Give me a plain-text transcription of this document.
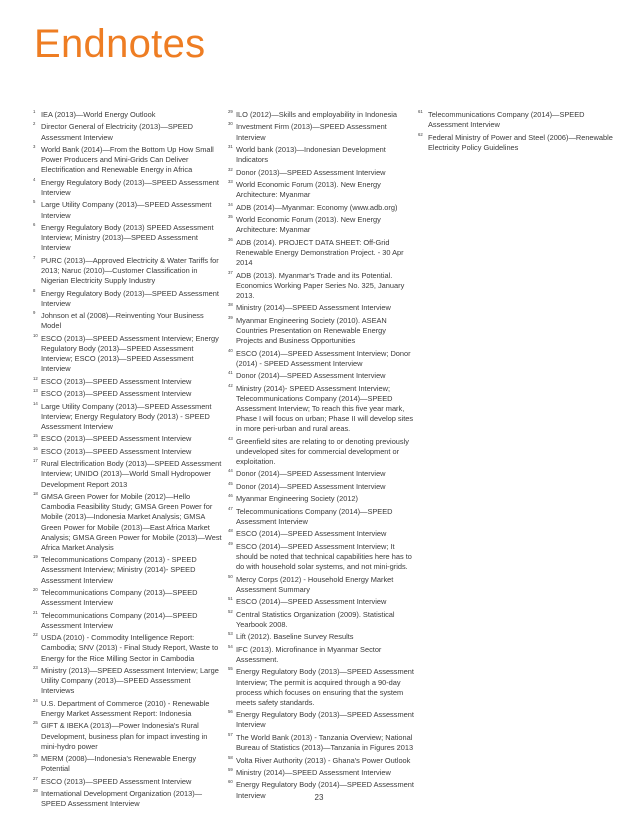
Endnotes

1 IEA (2013)—World Energy Outlook

2 Director General of Electricity (2013)—SPEED Assessment Interview

3 World Bank (2014)—From the Bottom Up How Small Power Producers and Mini-Grids Can Deliver Electrification and Renewable Energy in Africa

4 Energy Regulatory Body (2013)—SPEED Assessment Interview

5 Large Utility Company (2013)—SPEED Assessment Interview

6 Energy Regulatory Body (2013) SPEED Assessment Interview; Ministry (2013)—SPEED Assessment Interview

7 PURC (2013)—Approved Electricity & Water Tariffs for 2013; Naruc (2010)—Customer Classification in Nigerian Electricity Supply Industry

8 Energy Regulatory Body (2013)—SPEED Assessment Interview

9 Johnson et al (2008)—Reinventing Your Business Model

10 ESCO (2013)—SPEED Assessment Interview; Energy Regulatory Body (2013)—SPEED Assessment Interview; ESCO (2013)—SPEED Assessment Interview

12 ESCO (2013)—SPEED Assessment Interview

13 ESCO (2013)—SPEED Assessment Interview

14 Large Utility Company (2013)—SPEED Assessment Interview; Energy Regulatory Body (2013) - SPEED Assessment Interview

15 ESCO (2013)—SPEED Assessment Interview

16 ESCO (2013)—SPEED Assessment Interview

17 Rural Electrification Body (2013)—SPEED Assessment Interview; UNIDO (2013)—World Small Hydropower Development Report 2013

18 GMSA Green Power for Mobile (2012)—Hello Cambodia Feasibility Study; GMSA Green Power for Mobile (2013)—Indonesia Market Analysis; GMSA Green Power for Mobile (2013)—East Africa Market Analysis; GMSA Green Power for Mobile (2013)—West Africa Market Analysis

19 Telecommunications Company (2013) - SPEED Assessment Interview; Ministry (2014)- SPEED Assessment Interview

20 Telecommunications Company (2013)—SPEED Assessment Interview

21 Telecommunications Company (2014)—SPEED Assessment Interview

22 USDA (2010) - Commodity Intelligence Report: Cambodia; SNV (2013) - Final Study Report, Waste to Energy for the Rice Milling Sector in Cambodia

23 Ministry (2013)—SPEED Assessment Interview; Large Utility Company (2013)—SPEED Assessment Interviews

24 U.S. Department of Commerce (2010) - Renewable Energy Market Assessment Report: Indonesia

25 GIFT & IBEKA (2013)—Power Indonesia's Rural Development, business plan for impact investing in mini-hydro power

26 MERM (2008)—Indonesia's Renewable Energy Potential

27 ESCO (2013)—SPEED Assessment Interview

28 International Development Organization (2013)—SPEED Assessment Interview

29 ILO (2012)—Skills and employability in Indonesia

30 Investment Firm (2013)—SPEED Assessment Interview

31 World bank (2013)—Indonesian Development Indicators

32 Donor (2013)—SPEED Assessment Interview

33 World Economic Forum (2013). New Energy Architecture: Myanmar

34 ADB (2014)—Myanmar: Economy (www.adb.org)

35 World Economic Forum (2013). New Energy Architecture: Myanmar

36 ADB (2014). PROJECT DATA SHEET: Off-Grid Renewable Energy Demonstration Project. - 30 Apr 2014

37 ADB (2013). Myanmar's Trade and its Potential. Economics Working Paper Series No. 325, January 2013.

38 Ministry (2014)—SPEED Assessment Interview

39 Myanmar Engineering Society (2010). ASEAN Countries Presentation on Renewable Energy Projects and Business Opportunities

40 ESCO (2014)—SPEED Assessment Interview; Donor (2014) - SPEED Assessment Interview

41 Donor (2014)—SPEED Assessment Interview

42 Ministry (2014)- SPEED Assessment Interview; Telecommunications Company (2014)—SPEED Assessment Interview; To reach this five year mark, Phase I will focus on urban; Phase II will develop sites in more peri-urban and rural areas.

43 Greenfield sites are relating to or denoting previously undeveloped sites for commercial development or exploitation.

44 Donor (2014)—SPEED Assessment Interview

45 Donor (2014)—SPEED Assessment Interview

46 Myanmar Engineering Society (2012)

47 Telecommunications Company (2014)—SPEED Assessment Interview

48 ESCO (2014)—SPEED Assessment Interview

49 ESCO (2014)—SPEED Assessment Interview; It should be noted that technical capabilities here has to do with household solar systems, and not mini-grids.

50 Mercy Corps (2012) - Household Energy Market Assessment Summary

51 ESCO (2014)—SPEED Assessment Interview

52 Central Statistics Organization (2009). Statistical Yearbook 2008.

53 Lift (2012). Baseline Survey Results

54 IFC (2013). Microfinance in Myanmar Sector Assessment.

55 Energy Regulatory Body (2013)—SPEED Assessment Interview; The permit is acquired through a 90-day process which focuses on ensuring that the system meets safety standards.

56 Energy Regulatory Body (2013)—SPEED Assessment Interview

57 The World Bank (2013) - Tanzania Overview; National Bureau of Statistics (2013)—Tanzania in Figures 2013

58 Volta River Authority (2013) - Ghana's Power Outlook

59 Ministry (2014)—SPEED Assessment Interview

60 Energy Regulatory Body (2014)—SPEED Assessment Interview

61 Telecommunications Company (2014)—SPEED Assessment Interview

62 Federal Ministry of Power and Steel (2006)—Renewable Electricity Policy Guidelines

23
